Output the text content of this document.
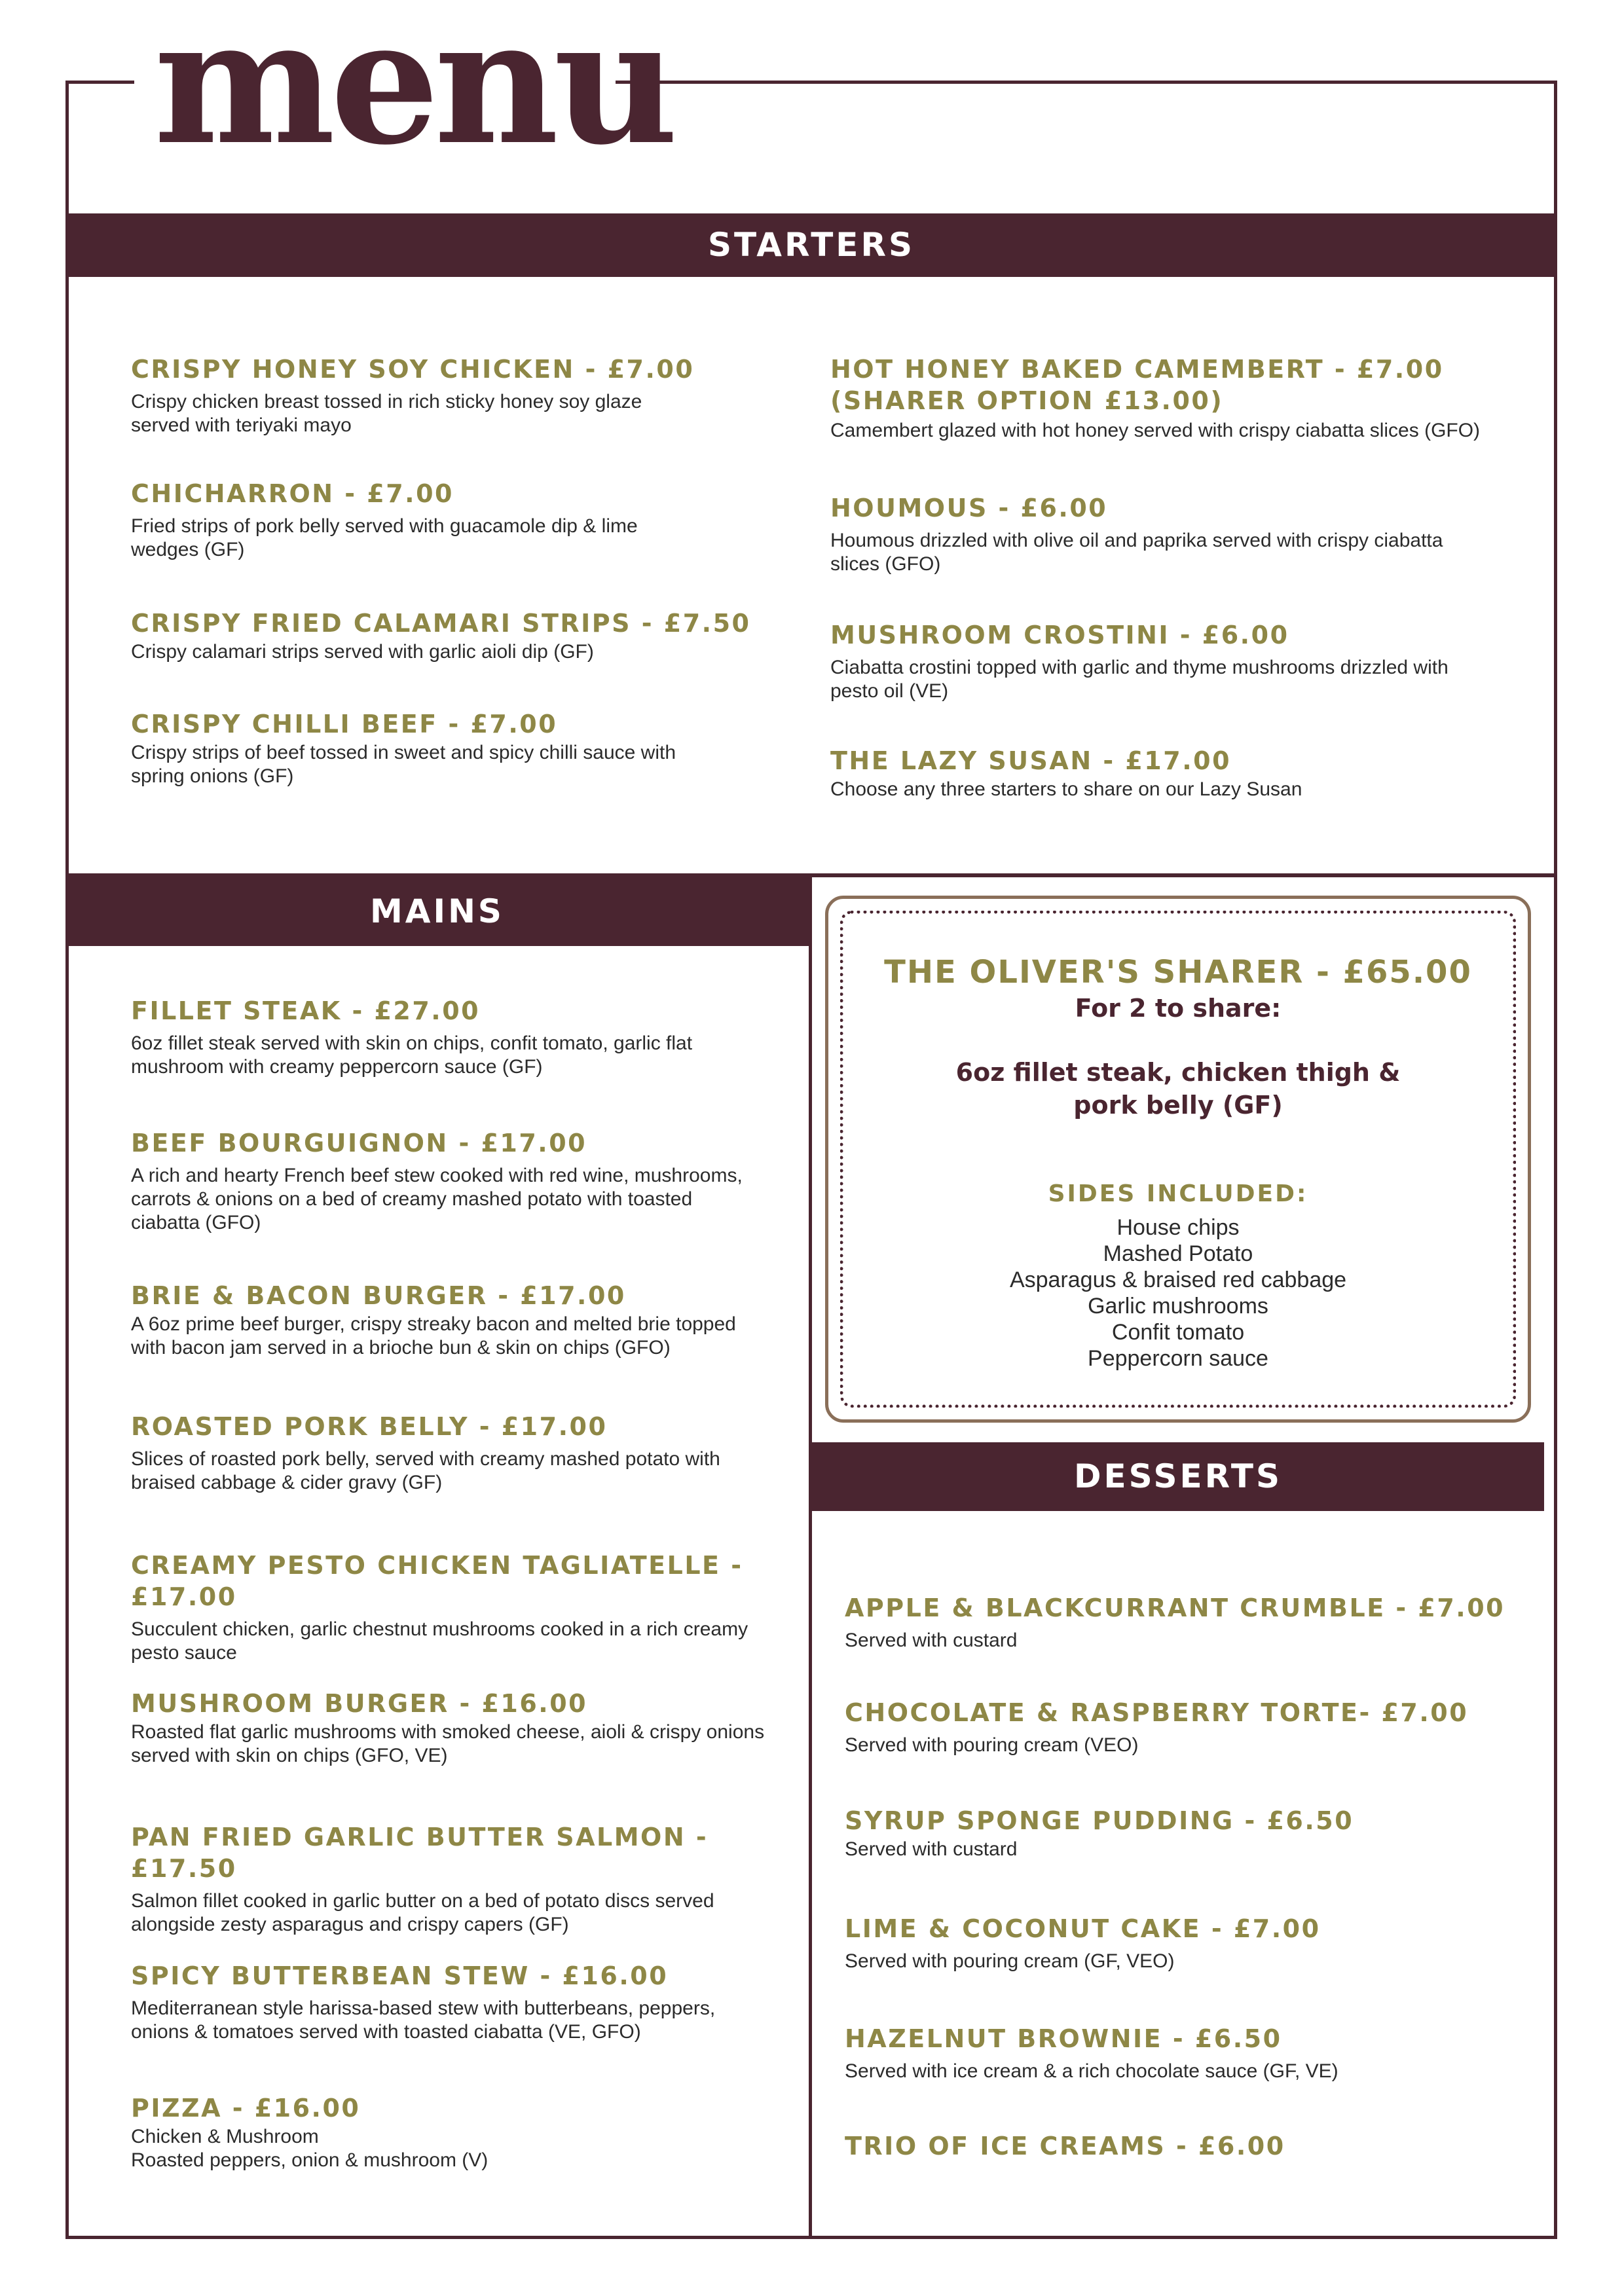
menu
STARTERS

CRISPY HONEY SOY CHICKEN - £7.00

Crispy chicken breast tossed in rich sticky honey soy glaze
served with teriyaki mayo

CHICHARRON - £7.00

Fried strips of pork belly served with guacamole dip & lime
wedges (GF)

CRISPY FRIED CALAMARI STRIPS - £7.50

Crispy calamari strips served with garlic aioli dip (GF)

CRISPY CHILLI BEEF - £7.00

Crispy strips of beef tossed in sweet and spicy chilli sauce with
spring onions (GF)

HOT HONEY BAKED CAMEMBERT - £7.00

(SHARER OPTION £13.00)

Camembert glazed with hot honey served with crispy ciabatta slices (GFO)

HOUMOUS - £6.00

Houmous drizzled with olive oil and paprika served with crispy ciabatta
slices (GFO)

MUSHROOM CROSTINI - £6.00

Ciabatta crostini topped with garlic and thyme mushrooms drizzled with
pesto oil (VE)

THE LAZY SUSAN - £17.00

Choose any three starters to share on our Lazy Susan

MAINS

FILLET STEAK - £27.00

6oz fillet steak served with skin on chips, confit tomato, garlic flat
mushroom with creamy peppercorn sauce (GF)

BEEF BOURGUIGNON - £17.00

A rich and hearty French beef stew cooked with red wine, mushrooms,
carrots & onions on a bed of creamy mashed potato with toasted
ciabatta (GFO)

BRIE & BACON BURGER - £17.00

A 6oz prime beef burger, crispy streaky bacon and melted brie topped
with bacon jam served in a brioche bun & skin on chips (GFO)

ROASTED PORK BELLY - £17.00

Slices of roasted pork belly, served with creamy mashed potato with
braised cabbage & cider gravy (GF)

CREAMY PESTO CHICKEN TAGLIATELLE - £17.00

Succulent chicken, garlic chestnut mushrooms cooked in a rich creamy
pesto sauce

MUSHROOM BURGER - £16.00

Roasted flat garlic mushrooms with smoked cheese, aioli & crispy onions
served with skin on chips (GFO, VE)

PAN FRIED GARLIC BUTTER SALMON - £17.50

Salmon fillet cooked in garlic butter on a bed of potato discs served
alongside zesty asparagus and crispy capers (GF)

SPICY BUTTERBEAN STEW - £16.00

Mediterranean style harissa-based stew with butterbeans, peppers,
onions & tomatoes served with toasted ciabatta (VE, GFO)

PIZZA - £16.00

Chicken & Mushroom
Roasted peppers, onion & mushroom (V)

THE OLIVER'S SHARER - £65.00

For 2 to share:

6oz fillet steak, chicken thigh &
pork belly (GF)

SIDES INCLUDED:

House chips
Mashed Potato
Asparagus & braised red cabbage
Garlic mushrooms
Confit tomato
Peppercorn sauce
DESSERTS

APPLE & BLACKCURRANT CRUMBLE - £7.00

Served with custard

CHOCOLATE & RASPBERRY TORTE- £7.00

Served with pouring cream (VEO)

SYRUP SPONGE PUDDING - £6.50

Served with custard

LIME & COCONUT CAKE - £7.00

Served with pouring cream (GF, VEO)

HAZELNUT BROWNIE - £6.50

Served with ice cream & a rich chocolate sauce (GF, VE)

TRIO OF ICE CREAMS - £6.00
